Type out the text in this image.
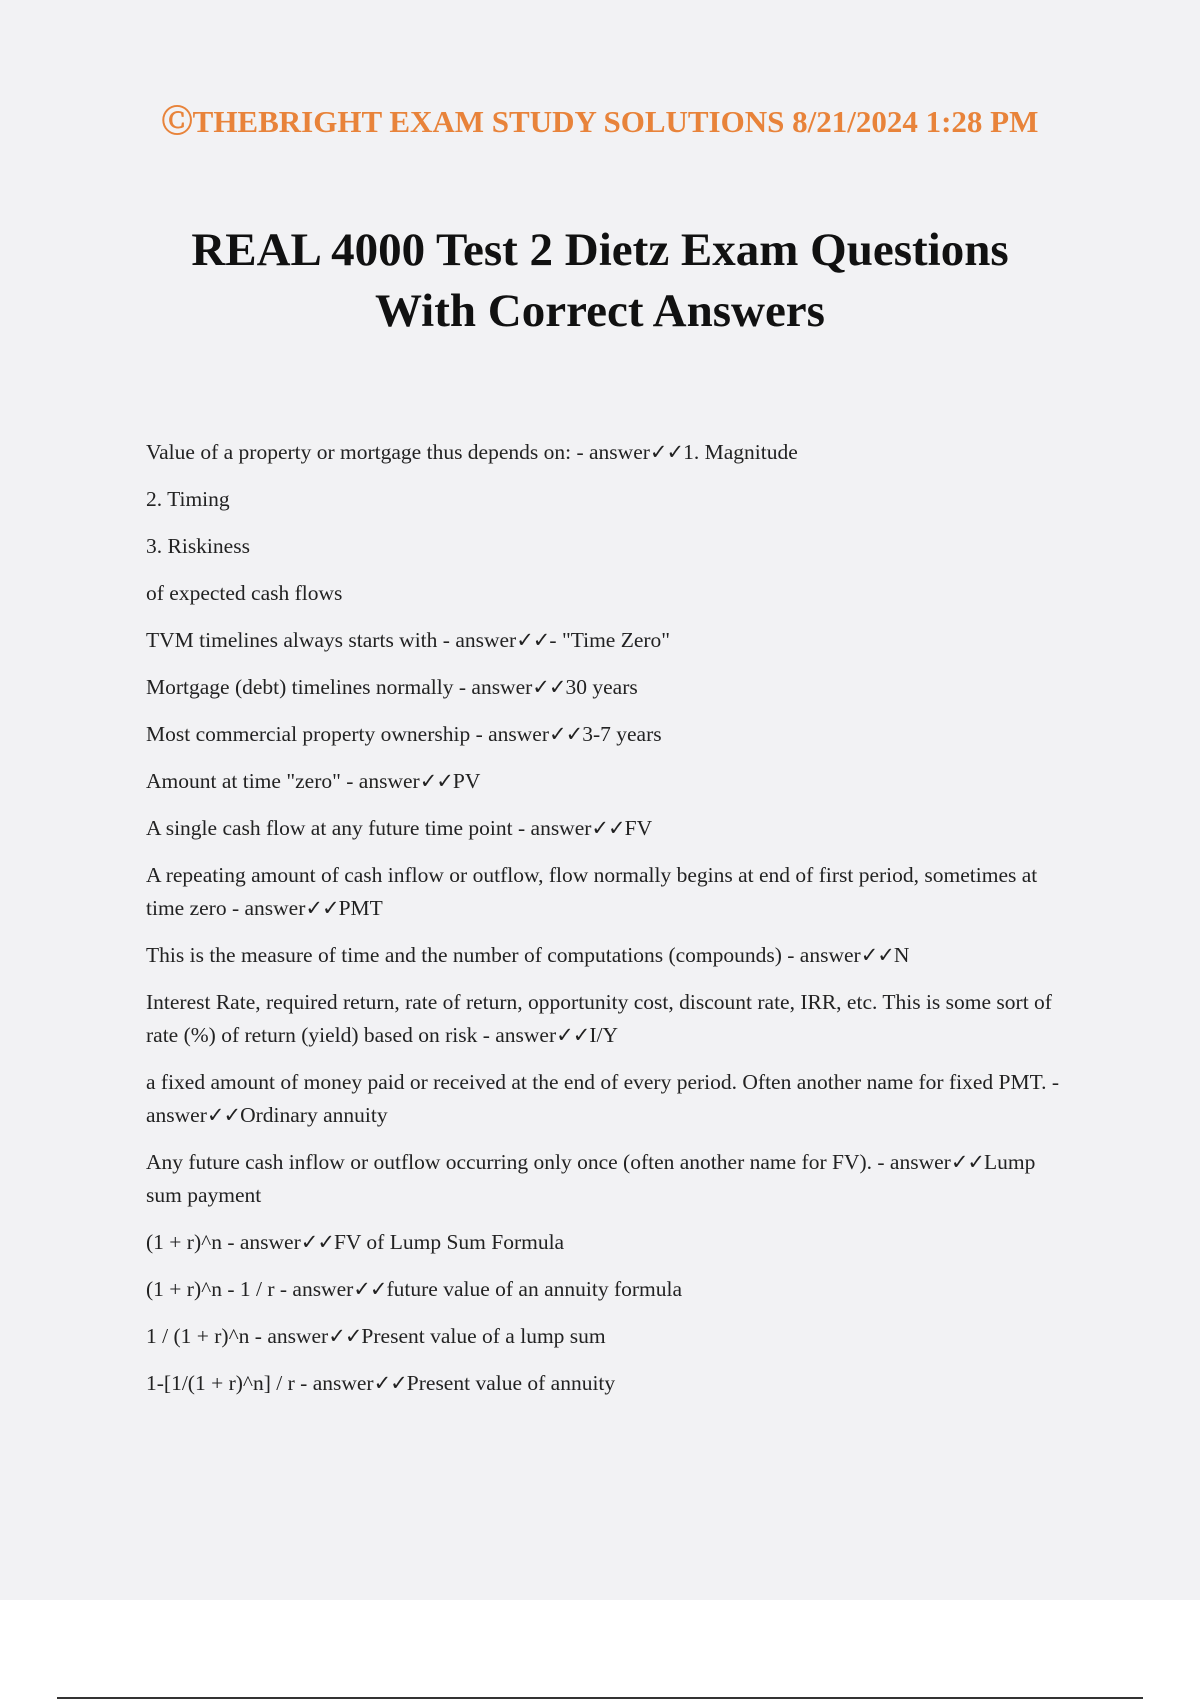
ⒸTHEBRIGHT EXAM STUDY SOLUTIONS 8/21/2024 1:28 PM
REAL 4000 Test 2 Dietz Exam Questions
With Correct Answers

Value of a property or mortgage thus depends on: - answer✓✓1. Magnitude

2. Timing

3. Riskiness

of expected cash flows

TVM timelines always starts with - answer✓✓- "Time Zero"

Mortgage (debt) timelines normally - answer✓✓30 years

Most commercial property ownership - answer✓✓3-7 years

Amount at time "zero" - answer✓✓PV

A single cash flow at any future time point - answer✓✓FV

A repeating amount of cash inflow or outflow, flow normally begins at end of first period, sometimes at time zero - answer✓✓PMT

This is the measure of time and the number of computations (compounds) - answer✓✓N

Interest Rate, required return, rate of return, opportunity cost, discount rate, IRR, etc. This is some sort of rate (%) of return (yield) based on risk - answer✓✓I/Y

a fixed amount of money paid or received at the end of every period. Often another name for fixed PMT. - answer✓✓Ordinary annuity

Any future cash inflow or outflow occurring only once (often another name for FV). - answer✓✓Lump sum payment

(1 + r)^n - answer✓✓FV of Lump Sum Formula

(1 + r)^n - 1 / r - answer✓✓future value of an annuity formula

1 / (1 + r)^n - answer✓✓Present value of a lump sum

1-[1/(1 + r)^n] / r - answer✓✓Present value of annuity
